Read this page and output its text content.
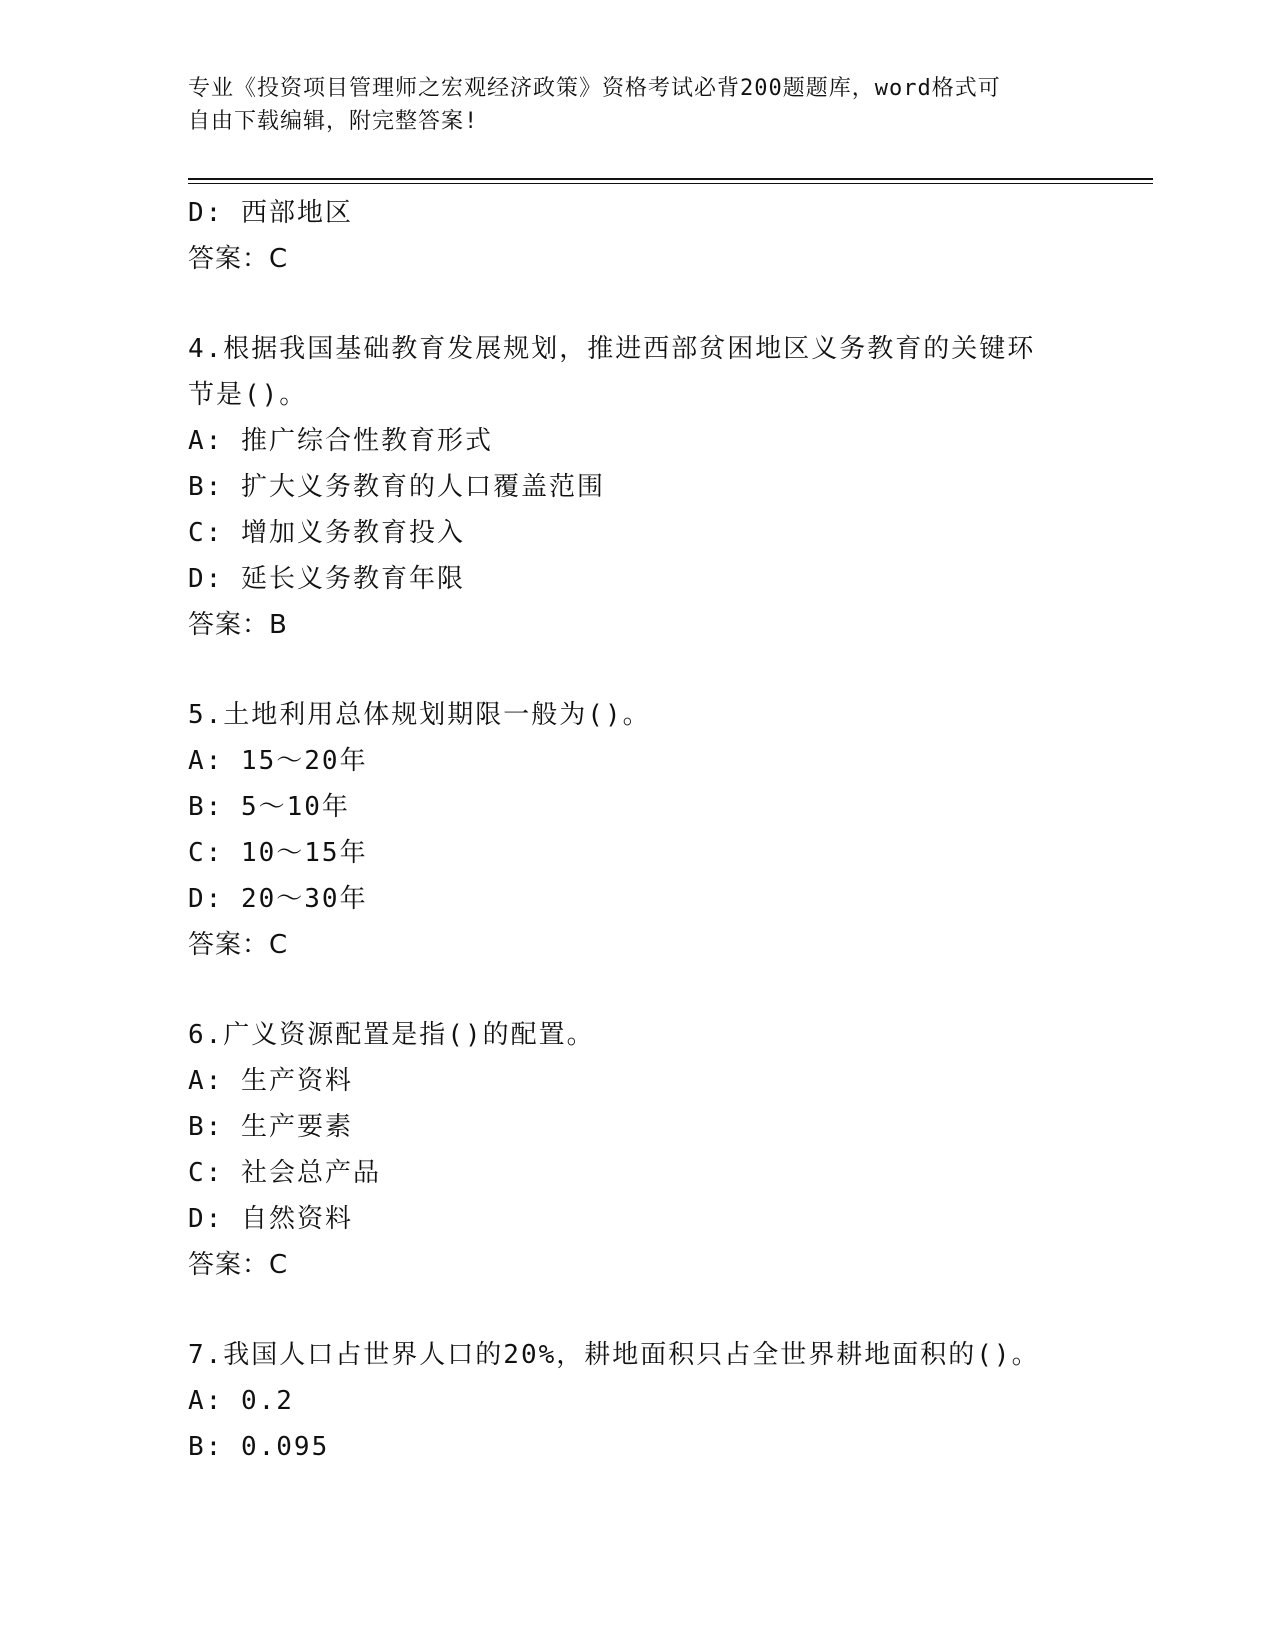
专业《投资项目管理师之宏观经济政策》资格考试必背200题题库，word格式可
自由下载编辑，附完整答案!
D: 西部地区
答案：C
4.根据我国基础教育发展规划，推进西部贫困地区义务教育的关键环
节是()。
A: 推广综合性教育形式
B: 扩大义务教育的人口覆盖范围
C: 增加义务教育投入
D: 延长义务教育年限
答案：B
5.土地利用总体规划期限一般为()。
A: 15～20年
B: 5～10年
C: 10～15年
D: 20～30年
答案：C
6.广义资源配置是指()的配置。
A: 生产资料
B: 生产要素
C: 社会总产品
D: 自然资料
答案：C
7.我国人口占世界人口的20%，耕地面积只占全世界耕地面积的()。
A: 0.2
B: 0.095
